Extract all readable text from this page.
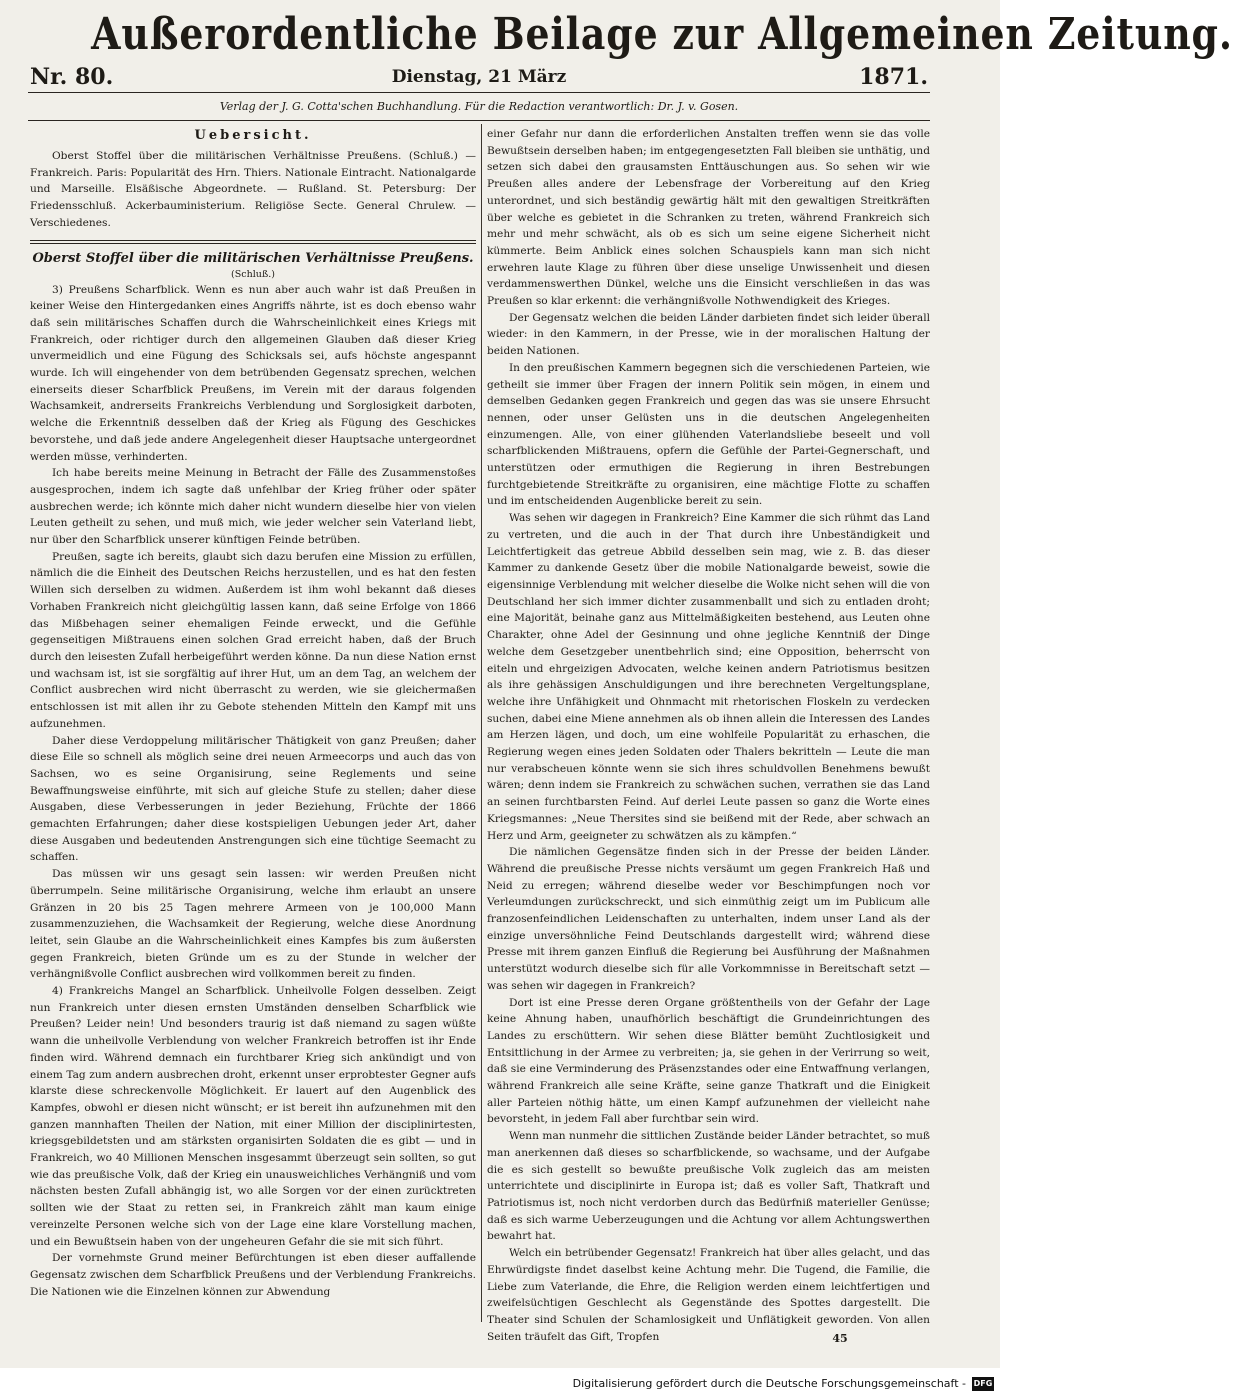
Außerordentliche Beilage zur Allgemeinen Zeitung.
Nr. 80.	Dienstag, 21 März	1871.
Verlag der J. G. Cotta'schen Buchhandlung. Für die Redaction verantwortlich: Dr. J. v. Gosen.
Uebersicht.

Oberst Stoffel über die militärischen Verhältnisse Preußens. (Schluß.) — Frankreich. Paris: Popularität des Hrn. Thiers. Nationale Eintracht. Nationalgarde und Marseille. Elsäßische Abgeordnete. — Rußland. St. Petersburg: Der Friedensschluß. Ackerbauministerium. Religiöse Secte. General Chrulew. — Verschiedenes.

Oberst Stoffel über die militärischen Verhältnisse Preußens.
(Schluß.)

3) Preußens Scharfblick. Wenn es nun aber auch wahr ist daß Preußen in keiner Weise den Hintergedanken eines Angriffs nährte, ist es doch ebenso wahr daß sein militärisches Schaffen durch die Wahrscheinlichkeit eines Kriegs mit Frankreich, oder richtiger durch den allgemeinen Glauben daß dieser Krieg unvermeidlich und eine Fügung des Schicksals sei, aufs höchste angespannt wurde. Ich will eingehender von dem betrübenden Gegensatz sprechen, welchen einerseits dieser Scharfblick Preußens, im Verein mit der daraus folgenden Wachsamkeit, andrerseits Frankreichs Verblendung und Sorglosigkeit darboten, welche die Erkenntniß desselben daß der Krieg als Fügung des Geschickes bevorstehe, und daß jede andere Angelegenheit dieser Hauptsache untergeordnet werden müsse, verhinderten.

Ich habe bereits meine Meinung in Betracht der Fälle des Zusammenstoßes ausgesprochen, indem ich sagte daß unfehlbar der Krieg früher oder später ausbrechen werde; ich könnte mich daher nicht wundern dieselbe hier von vielen Leuten getheilt zu sehen, und muß mich, wie jeder welcher sein Vaterland liebt, nur über den Scharfblick unserer künftigen Feinde betrüben.

Preußen, sagte ich bereits, glaubt sich dazu berufen eine Mission zu erfüllen, nämlich die die Einheit des Deutschen Reichs herzustellen, und es hat den festen Willen sich derselben zu widmen. Außerdem ist ihm wohl bekannt daß dieses Vorhaben Frankreich nicht gleichgültig lassen kann, daß seine Erfolge von 1866 das Mißbehagen seiner ehemaligen Feinde erweckt, und die Gefühle gegenseitigen Mißtrauens einen solchen Grad erreicht haben, daß der Bruch durch den leisesten Zufall herbeigeführt werden könne. Da nun diese Nation ernst und wachsam ist, ist sie sorgfältig auf ihrer Hut, um an dem Tag, an welchem der Conflict ausbrechen wird nicht überrascht zu werden, wie sie gleichermaßen entschlossen ist mit allen ihr zu Gebote stehenden Mitteln den Kampf mit uns aufzunehmen.

Daher diese Verdoppelung militärischer Thätigkeit von ganz Preußen; daher diese Eile so schnell als möglich seine drei neuen Armeecorps und auch das von Sachsen, wo es seine Organisirung, seine Reglements und seine Bewaffnungsweise einführte, mit sich auf gleiche Stufe zu stellen; daher diese Ausgaben, diese Verbesserungen in jeder Beziehung, Früchte der 1866 gemachten Erfahrungen; daher diese kostspieligen Uebungen jeder Art, daher diese Ausgaben und bedeutenden Anstrengungen sich eine tüchtige Seemacht zu schaffen.

Das müssen wir uns gesagt sein lassen: wir werden Preußen nicht überrumpeln. Seine militärische Organisirung, welche ihm erlaubt an unsere Gränzen in 20 bis 25 Tagen mehrere Armeen von je 100,000 Mann zusammenzuziehen, die Wachsamkeit der Regierung, welche diese Anordnung leitet, sein Glaube an die Wahrscheinlichkeit eines Kampfes bis zum äußersten gegen Frankreich, bieten Gründe um es zu der Stunde in welcher der verhängnißvolle Conflict ausbrechen wird vollkommen bereit zu finden.

4) Frankreichs Mangel an Scharfblick. Unheilvolle Folgen desselben. Zeigt nun Frankreich unter diesen ernsten Umständen denselben Scharfblick wie Preußen? Leider nein! Und besonders traurig ist daß niemand zu sagen wüßte wann die unheilvolle Verblendung von welcher Frankreich betroffen ist ihr Ende finden wird. Während demnach ein furchtbarer Krieg sich ankündigt und von einem Tag zum andern ausbrechen droht, erkennt unser erprobtester Gegner aufs klarste diese schreckenvolle Möglichkeit. Er lauert auf den Augenblick des Kampfes, obwohl er diesen nicht wünscht; er ist bereit ihn aufzunehmen mit den ganzen mannhaften Theilen der Nation, mit einer Million der disciplinirtesten, kriegsgebildetsten und am stärksten organisirten Soldaten die es gibt — und in Frankreich, wo 40 Millionen Menschen insgesammt überzeugt sein sollten, so gut wie das preußische Volk, daß der Krieg ein unausweichliches Verhängniß und vom nächsten besten Zufall abhängig ist, wo alle Sorgen vor der einen zurücktreten sollten wie der Staat zu retten sei, in Frankreich zählt man kaum einige vereinzelte Personen welche sich von der Lage eine klare Vorstellung machen, und ein Bewußtsein haben von der ungeheuren Gefahr die sie mit sich führt.

Der vornehmste Grund meiner Befürchtungen ist eben dieser auffallende Gegensatz zwischen dem Scharfblick Preußens und der Verblendung Frankreichs. Die Nationen wie die Einzelnen können zur Abwendung

einer Gefahr nur dann die erforderlichen Anstalten treffen wenn sie das volle Bewußtsein derselben haben; im entgegengesetzten Fall bleiben sie unthätig, und setzen sich dabei den grausamsten Enttäuschungen aus. So sehen wir wie Preußen alles andere der Lebensfrage der Vorbereitung auf den Krieg unterordnet, und sich beständig gewärtig hält mit den gewaltigen Streitkräften über welche es gebietet in die Schranken zu treten, während Frankreich sich mehr und mehr schwächt, als ob es sich um seine eigene Sicherheit nicht kümmerte. Beim Anblick eines solchen Schauspiels kann man sich nicht erwehren laute Klage zu führen über diese unselige Unwissenheit und diesen verdammenswerthen Dünkel, welche uns die Einsicht verschließen in das was Preußen so klar erkennt: die verhängnißvolle Nothwendigkeit des Krieges.

Der Gegensatz welchen die beiden Länder darbieten findet sich leider überall wieder: in den Kammern, in der Presse, wie in der moralischen Haltung der beiden Nationen.

In den preußischen Kammern begegnen sich die verschiedenen Parteien, wie getheilt sie immer über Fragen der innern Politik sein mögen, in einem und demselben Gedanken gegen Frankreich und gegen das was sie unsere Ehrsucht nennen, oder unser Gelüsten uns in die deutschen Angelegenheiten einzumengen. Alle, von einer glühenden Vaterlandsliebe beseelt und voll scharfblickenden Mißtrauens, opfern die Gefühle der Partei-Gegnerschaft, und unterstützen oder ermuthigen die Regierung in ihren Bestrebungen furchtgebietende Streitkräfte zu organisiren, eine mächtige Flotte zu schaffen und im entscheidenden Augenblicke bereit zu sein.

Was sehen wir dagegen in Frankreich? Eine Kammer die sich rühmt das Land zu vertreten, und die auch in der That durch ihre Unbeständigkeit und Leichtfertigkeit das getreue Abbild desselben sein mag, wie z. B. das dieser Kammer zu dankende Gesetz über die mobile Nationalgarde beweist, sowie die eigensinnige Verblendung mit welcher dieselbe die Wolke nicht sehen will die von Deutschland her sich immer dichter zusammenballt und sich zu entladen droht; eine Majorität, beinahe ganz aus Mittelmäßigkeiten bestehend, aus Leuten ohne Charakter, ohne Adel der Gesinnung und ohne jegliche Kenntniß der Dinge welche dem Gesetzgeber unentbehrlich sind; eine Opposition, beherrscht von eiteln und ehrgeizigen Advocaten, welche keinen andern Patriotismus besitzen als ihre gehässigen Anschuldigungen und ihre berechneten Vergeltungsplane, welche ihre Unfähigkeit und Ohnmacht mit rhetorischen Floskeln zu verdecken suchen, dabei eine Miene annehmen als ob ihnen allein die Interessen des Landes am Herzen lägen, und doch, um eine wohlfeile Popularität zu erhaschen, die Regierung wegen eines jeden Soldaten oder Thalers bekritteln — Leute die man nur verabscheuen könnte wenn sie sich ihres schuldvollen Benehmens bewußt wären; denn indem sie Frankreich zu schwächen suchen, verrathen sie das Land an seinen furchtbarsten Feind. Auf derlei Leute passen so ganz die Worte eines Kriegsmannes: „Neue Thersites sind sie beißend mit der Rede, aber schwach an Herz und Arm, geeigneter zu schwätzen als zu kämpfen.“

Die nämlichen Gegensätze finden sich in der Presse der beiden Länder. Während die preußische Presse nichts versäumt um gegen Frankreich Haß und Neid zu erregen; während dieselbe weder vor Beschimpfungen noch vor Verleumdungen zurückschreckt, und sich einmüthig zeigt um im Publicum alle franzosenfeindlichen Leidenschaften zu unterhalten, indem unser Land als der einzige unversöhnliche Feind Deutschlands dargestellt wird; während diese Presse mit ihrem ganzen Einfluß die Regierung bei Ausführung der Maßnahmen unterstützt wodurch dieselbe sich für alle Vorkommnisse in Bereitschaft setzt — was sehen wir dagegen in Frankreich?

Dort ist eine Presse deren Organe größtentheils von der Gefahr der Lage keine Ahnung haben, unaufhörlich beschäftigt die Grundeinrichtungen des Landes zu erschüttern. Wir sehen diese Blätter bemüht Zuchtlosigkeit und Entsittlichung in der Armee zu verbreiten; ja, sie gehen in der Verirrung so weit, daß sie eine Verminderung des Präsenzstandes oder eine Entwaffnung verlangen, während Frankreich alle seine Kräfte, seine ganze Thatkraft und die Einigkeit aller Parteien nöthig hätte, um einen Kampf aufzunehmen der vielleicht nahe bevorsteht, in jedem Fall aber furchtbar sein wird.

Wenn man nunmehr die sittlichen Zustände beider Länder betrachtet, so muß man anerkennen daß dieses so scharfblickende, so wachsame, und der Aufgabe die es sich gestellt so bewußte preußische Volk zugleich das am meisten unterrichtete und disciplinirte in Europa ist; daß es voller Saft, Thatkraft und Patriotismus ist, noch nicht verdorben durch das Bedürfniß materieller Genüsse; daß es sich warme Ueberzeugungen und die Achtung vor allem Achtungswerthen bewahrt hat.

Welch ein betrübender Gegensatz! Frankreich hat über alles gelacht, und das Ehrwürdigste findet daselbst keine Achtung mehr. Die Tugend, die Familie, die Liebe zum Vaterlande, die Ehre, die Religion werden einem leichtfertigen und zweifelsüchtigen Geschlecht als Gegenstände des Spottes dargestellt. Die Theater sind Schulen der Schamlosigkeit und Unflätigkeit geworden. Von allen Seiten träufelt das Gift, Tropfen	45
Digitalisierung gefördert durch die Deutsche Forschungsgemeinschaft - DFG
